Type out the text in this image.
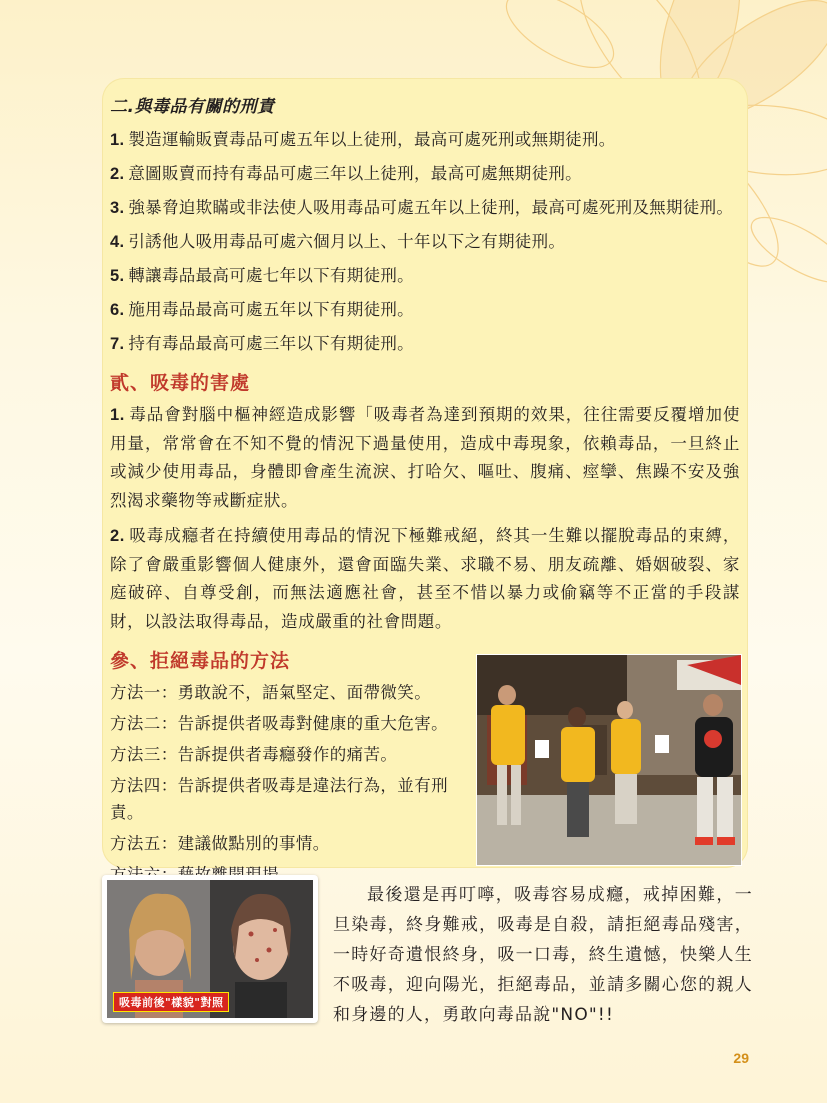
二.與毒品有關的刑責
1. 製造運輸販賣毒品可處五年以上徒刑，最高可處死刑或無期徒刑。
2. 意圖販賣而持有毒品可處三年以上徒刑，最高可處無期徒刑。
3. 強暴脅迫欺瞞或非法使人吸用毒品可處五年以上徒刑，最高可處死刑及無期徒刑。
4. 引誘他人吸用毒品可處六個月以上、十年以下之有期徒刑。
5. 轉讓毒品最高可處七年以下有期徒刑。
6. 施用毒品最高可處五年以下有期徒刑。
7. 持有毒品最高可處三年以下有期徒刑。
貳、吸毒的害處
1. 毒品會對腦中樞神經造成影響「吸毒者為達到預期的效果，往往需要反覆增加使用量，常常會在不知不覺的情況下過量使用，造成中毒現象，依賴毒品，一旦終止或減少使用毒品，身體即會產生流淚、打哈欠、嘔吐、腹痛、痙攣、焦躁不安及強烈渴求藥物等戒斷症狀。
2. 吸毒成癮者在持續使用毒品的情況下極難戒絕，終其一生難以擺脫毒品的束縛，除了會嚴重影響個人健康外，還會面臨失業、求職不易、朋友疏離、婚姻破裂、家庭破碎、自尊受創，而無法適應社會，甚至不惜以暴力或偷竊等不正當的手段謀財，以設法取得毒品，造成嚴重的社會問題。
參、拒絕毒品的方法
方法一：勇敢說不，語氣堅定、面帶微笑。
方法二：告訴提供者吸毒對健康的重大危害。
方法三：告訴提供者毒癮發作的痛苦。
方法四：告訴提供者吸毒是違法行為，並有刑責。
方法五：建議做點別的事情。
吸毒前後"樣貌"對照
最後還是再叮嚀，吸毒容易成癮，戒掉困難，一旦染毒，終身難戒，吸毒是自殺，請拒絕毒品殘害，一時好奇遺恨終身，吸一口毒，終生遺憾，快樂人生不吸毒，迎向陽光，拒絕毒品，並請多關心您的親人和身邊的人，勇敢向毒品說"NO"!!
29
